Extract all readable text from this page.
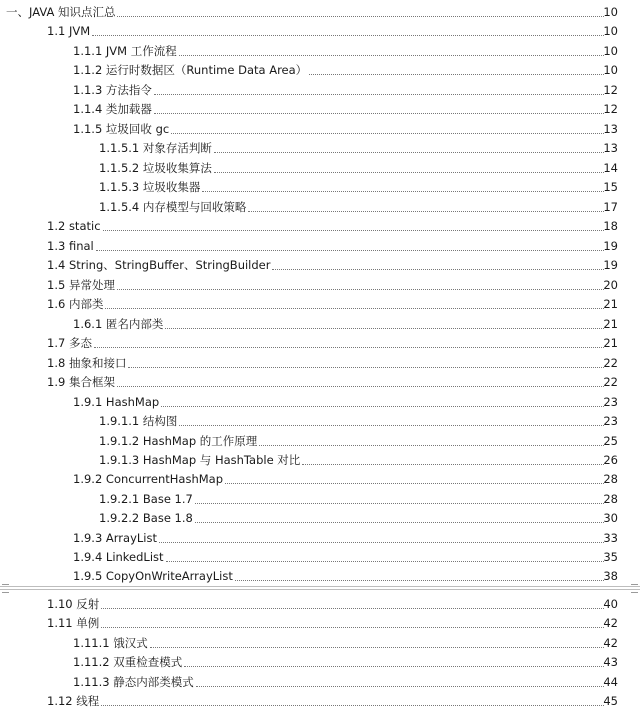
一、JAVA 知识点汇总	10
1.1 JVM	10
1.1.1 JVM 工作流程	10
1.1.2 运行时数据区（Runtime Data Area）	10
1.1.3 方法指令	12
1.1.4 类加载器	12
1.1.5 垃圾回收 gc	13
1.1.5.1 对象存活判断	13
1.1.5.2 垃圾收集算法	14
1.1.5.3 垃圾收集器	15
1.1.5.4 内存模型与回收策略	17
1.2 static	18
1.3 final	19
1.4 String、StringBuffer、StringBuilder	19
1.5 异常处理	20
1.6 内部类	21
1.6.1 匿名内部类	21
1.7 多态	21
1.8 抽象和接口	22
1.9 集合框架	22
1.9.1 HashMap	23
1.9.1.1 结构图	23
1.9.1.2 HashMap 的工作原理	25
1.9.1.3 HashMap 与 HashTable 对比	26
1.9.2 ConcurrentHashMap	28
1.9.2.1 Base 1.7	28
1.9.2.2 Base 1.8	30
1.9.3 ArrayList	33
1.9.4 LinkedList	35
1.9.5 CopyOnWriteArrayList	38
1.10 反射	40
1.11 单例	42
1.11.1 饿汉式	42
1.11.2 双重检查模式	43
1.11.3 静态内部类模式	44
1.12 线程	45
